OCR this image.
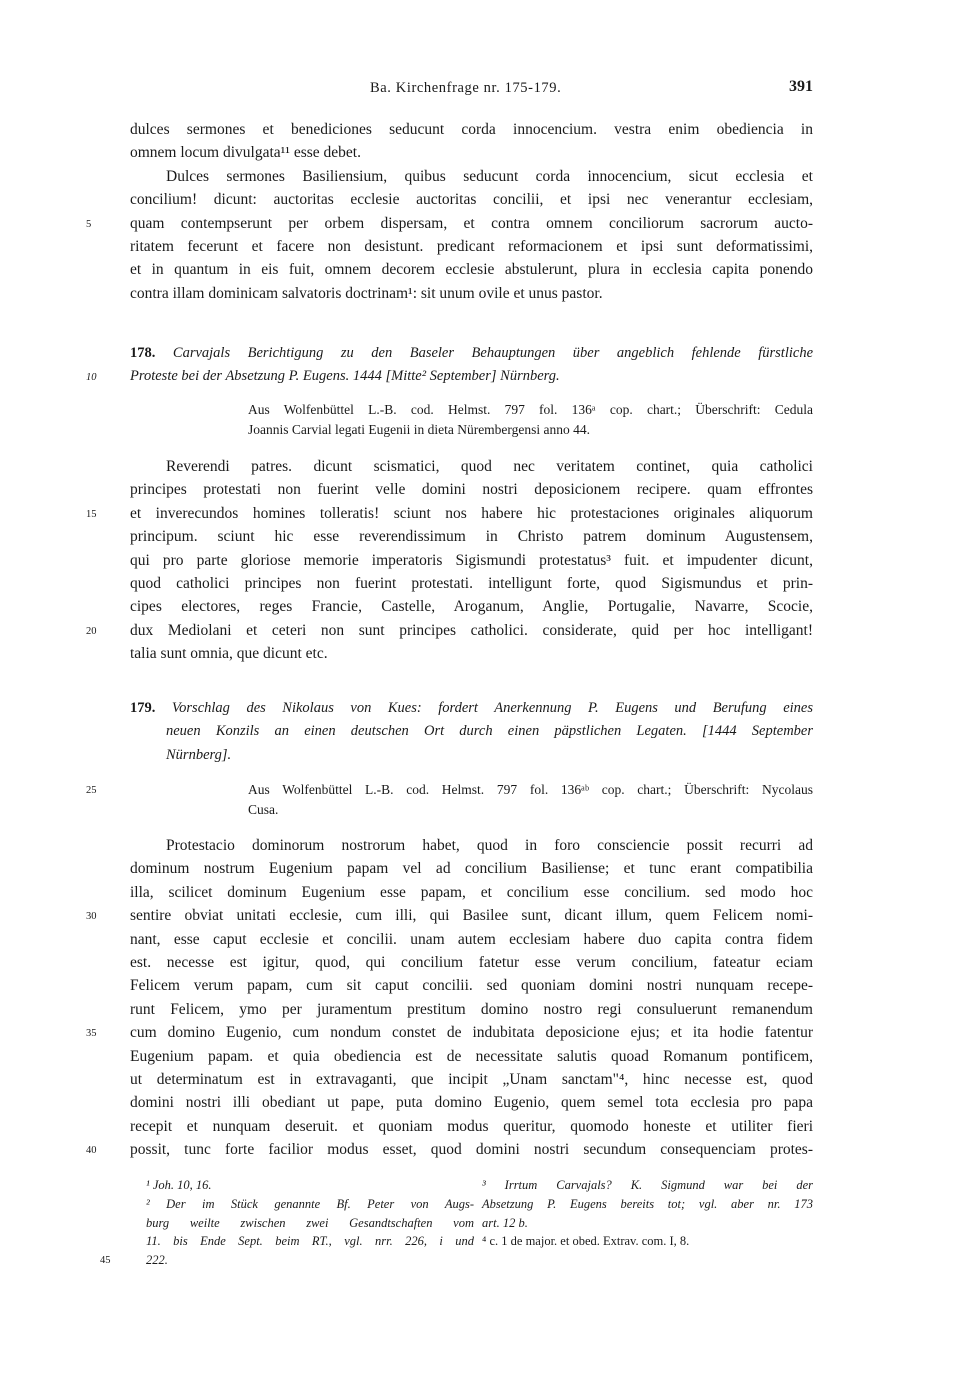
Ba. Kirchenfrage nr. 175-179.	391
dulces sermones et benediciones seducunt corda innocencium. vestra enim obediencia in
omnem locum divulgata¹¹ esse debet.
Dulces sermones Basiliensium, quibus seducunt corda innocencium, sicut ecclesia et
concilium! dicunt: auctoritas ecclesie auctoritas concilii, et ipsi nec venerantur ecclesiam,
5	quam contempserunt per orbem dispersam, et contra omnem conciliorum sacrorum aucto-
ritatem fecerunt et facere non desistunt. predicant reformacionem et ipsi sunt deformatissimi,
et in quantum in eis fuit, omnem decorem ecclesie abstulerunt, plura in ecclesia capita ponendo
contra illam dominicam salvatoris doctrinam¹: sit unum ovile et unus pastor.
178. Carvajals Berichtigung zu den Baseler Behauptungen über angeblich fehlende fürstliche
10	Proteste bei der Absetzung P. Eugens. 1444 [Mitte² September] Nürnberg.
Aus Wolfenbüttel L.-B. cod. Helmst. 797 fol. 136ᵃ cop. chart.; Überschrift: Cedula
Joannis Carvial legati Eugenii in dieta Nürembergensi anno 44.
Reverendi patres. dicunt scismatici, quod nec veritatem continet, quia catholici
principes protestati non fuerint velle domini nostri deposicionem recipere. quam effrontes
15	et inverecundos homines tolleratis! sciunt nos habere hic protestaciones originales aliquorum
principum. sciunt hic esse reverendissimum in Christo patrem dominum Augustensem,
qui pro parte gloriose memorie imperatoris Sigismundi protestatus³ fuit. et impudenter dicunt,
quod catholici principes non fuerint protestati. intelligunt forte, quod Sigismundus et prin-
cipes electores, reges Francie, Castelle, Aroganum, Anglie, Portugalie, Navarre, Scocie,
20	dux Mediolani et ceteri non sunt principes catholici. considerate, quid per hoc intelligant!
talia sunt omnia, que dicunt etc.
179. Vorschlag des Nikolaus von Kues: fordert Anerkennung P. Eugens und Berufung eines
neuen Konzils an einen deutschen Ort durch einen päpstlichen Legaten. [1444 September
Nürnberg].
25	Aus Wolfenbüttel L.-B. cod. Helmst. 797 fol. 136ᵃᵇ cop. chart.; Überschrift: Nycolaus
Cusa.
Protestacio dominorum nostrorum habet, quod in foro consciencie possit recurri ad
dominum nostrum Eugenium papam vel ad concilium Basiliense; et tunc erant compatibilia
illa, scilicet dominum Eugenium esse papam, et concilium esse concilium. sed modo hoc
30	sentire obviat unitati ecclesie, cum illi, qui Basilee sunt, dicant illum, quem Felicem nomi-
nant, esse caput ecclesie et concilii. unam autem ecclesiam habere duo capita contra fidem
est. necesse est igitur, quod, qui concilium fatetur esse verum concilium, fateatur eciam
Felicem verum papam, cum sit caput concilii. sed quoniam domini nostri nunquam recepe-
runt Felicem, ymo per juramentum prestitum domino nostro regi consuluerunt remanendum
35	cum domino Eugenio, cum nondum constet de indubitata deposicione ejus; et ita hodie fatentur
Eugenium papam. et quia obediencia est de necessitate salutis quoad Romanum pontificem,
ut determinatum est in extravaganti, que incipit „Unam sanctam"⁴, hinc necesse est, quod
domini nostri illi obediant ut pape, puta domino Eugenio, quem semel tota ecclesia pro papa
recepit et nunquam deseruit. et quoniam modus queritur, quomodo honeste et utiliter fieri
40	possit, tunc forte facilior modus esset, quod domini nostri secundum consequenciam protes-
¹ Joh. 10, 16.
² Der im Stück genannte Bf. Peter von Augs-
burg weilte zwischen zwei Gesandtschaften vom
11. bis Ende Sept. beim RT., vgl. nrr. 226, i und
45	222.
³ Irrtum Carvajals? K. Sigmund war bei der
Absetzung P. Eugens bereits tot; vgl. aber nr. 173
art. 12 b.
⁴ c. 1 de major. et obed. Extrav. com. I, 8.
